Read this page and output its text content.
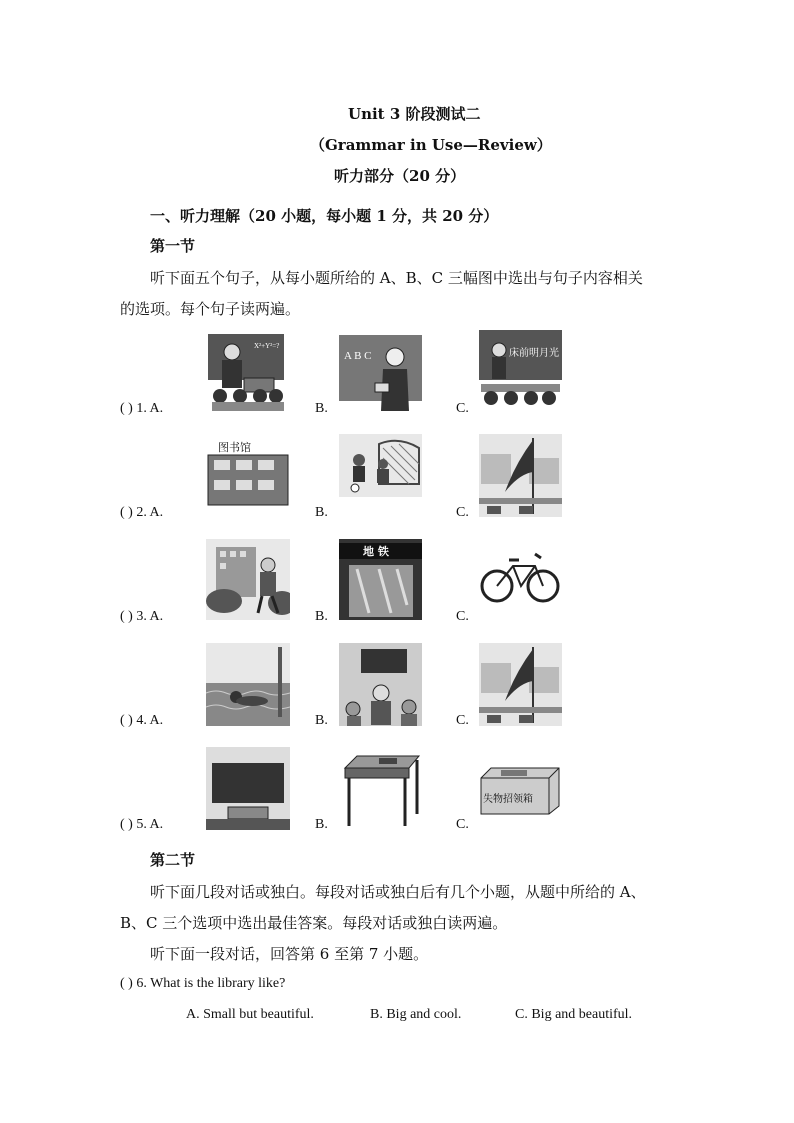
Unit 3 阶段测试二
（Grammar in Use—Review）
听力部分（20 分）
一、听力理解（20 小题，每小题 1 分，共 20 分）
第一节
听下面五个句子，从每小题所给的 A、B、C 三幅图中选出与句子内容相关
的选项。每个句子读两遍。
X²+Y²=?
A B C	床前明月光
图书馆
地 铁
失物招领箱
( ) 1. A.	B.	C.
( ) 2. A.	B.	C.
( ) 3. A.	B.	C.
( ) 4. A.	B.	C.
( ) 5. A.	B.	C.
第二节
听下面几段对话或独白。每段对话或独白后有几个小题，从题中所给的 A、
B、C 三个选项中选出最佳答案。每段对话或独白读两遍。
听下面一段对话，回答第 6 至第 7 小题。
( ) 6. What is the library like?
A. Small but beautiful.	B. Big and cool.	C. Big and beautiful.
